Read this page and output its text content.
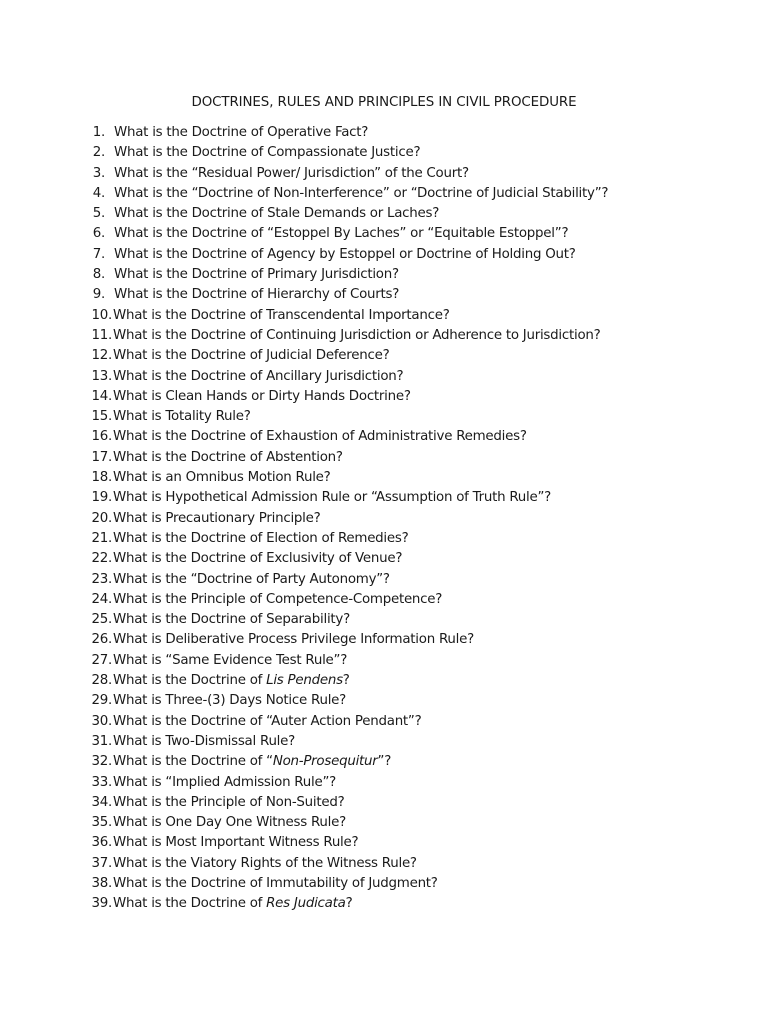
DOCTRINES, RULES AND PRINCIPLES IN CIVIL PROCEDURE
1. What is the Doctrine of Operative Fact?
2. What is the Doctrine of Compassionate Justice?
3. What is the “Residual Power/ Jurisdiction” of the Court?
4. What is the “Doctrine of Non-Interference” or “Doctrine of Judicial Stability”?
5. What is the Doctrine of Stale Demands or Laches?
6. What is the Doctrine of “Estoppel By Laches” or “Equitable Estoppel”?
7. What is the Doctrine of Agency by Estoppel or Doctrine of Holding Out?
8. What is the Doctrine of Primary Jurisdiction?
9. What is the Doctrine of Hierarchy of Courts?
10.What is the Doctrine of Transcendental Importance?
11.What is the Doctrine of Continuing Jurisdiction or Adherence to Jurisdiction?
12.What is the Doctrine of Judicial Deference?
13.What is the Doctrine of Ancillary Jurisdiction?
14.What is Clean Hands or Dirty Hands Doctrine?
15.What is Totality Rule?
16.What is the Doctrine of Exhaustion of Administrative Remedies?
17.What is the Doctrine of Abstention?
18.What is an Omnibus Motion Rule?
19.What is Hypothetical Admission Rule or “Assumption of Truth Rule”?
20.What is Precautionary Principle?
21.What is the Doctrine of Election of Remedies?
22.What is the Doctrine of Exclusivity of Venue?
23.What is the “Doctrine of Party Autonomy”?
24.What is the Principle of Competence-Competence?
25.What is the Doctrine of Separability?
26.What is Deliberative Process Privilege Information Rule?
27.What is “Same Evidence Test Rule”?
28.What is the Doctrine of Lis Pendens?
29.What is Three-(3) Days Notice Rule?
30.What is the Doctrine of “Auter Action Pendant”?
31.What is Two-Dismissal Rule?
32.What is the Doctrine of “Non-Prosequitur”?
33.What is “Implied Admission Rule”?
34.What is the Principle of Non-Suited?
35.What is One Day One Witness Rule?
36.What is Most Important Witness Rule?
37.What is the Viatory Rights of the Witness Rule?
38.What is the Doctrine of Immutability of Judgment?
39.What is the Doctrine of Res Judicata?
